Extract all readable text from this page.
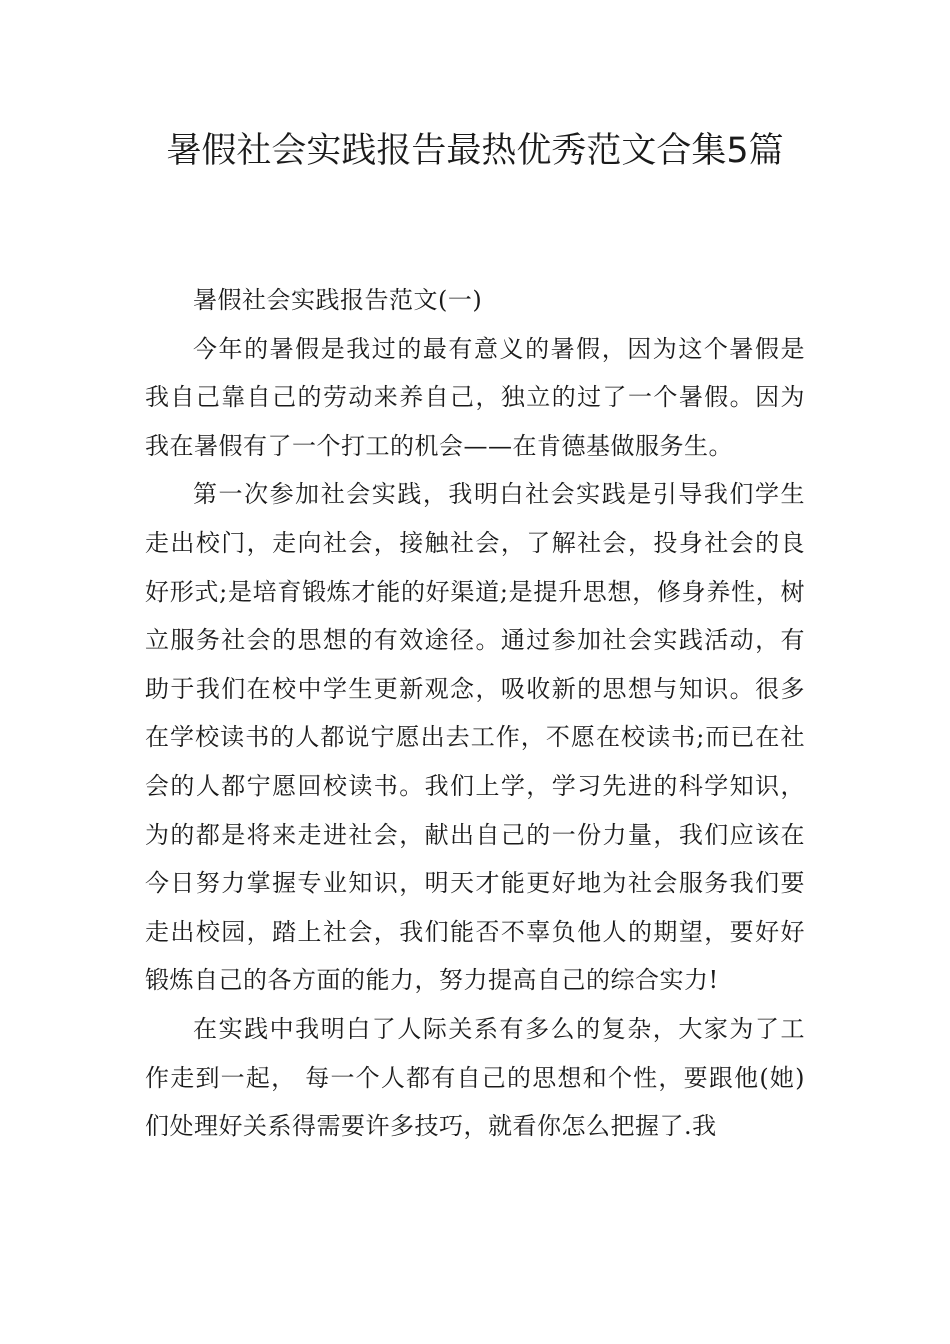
暑假社会实践报告最热优秀范文合集5篇

暑假社会实践报告范文(一)

今年的暑假是我过的最有意义的暑假，因为这个暑假是我自己靠自己的劳动来养自己，独立的过了一个暑假。因为我在暑假有了一个打工的机会——在肯德基做服务生。

第一次参加社会实践，我明白社会实践是引导我们学生走出校门，走向社会，接触社会，了解社会，投身社会的良好形式;是培育锻炼才能的好渠道;是提升思想，修身养性，树立服务社会的思想的有效途径。通过参加社会实践活动，有助于我们在校中学生更新观念，吸收新的思想与知识。很多在学校读书的人都说宁愿出去工作，不愿在校读书;而已在社会的人都宁愿回校读书。我们上学，学习先进的科学知识，为的都是将来走进社会，献出自己的一份力量，我们应该在今日努力掌握专业知识，明天才能更好地为社会服务我们要走出校园，踏上社会，我们能否不辜负他人的期望，要好好锻炼自己的各方面的能力，努力提高自己的综合实力!

在实践中我明白了人际关系有多么的复杂，大家为了工作走到一起， 每一个人都有自己的思想和个性，要跟他(她)们处理好关系得需要许多技巧，就看你怎么把握了.我
